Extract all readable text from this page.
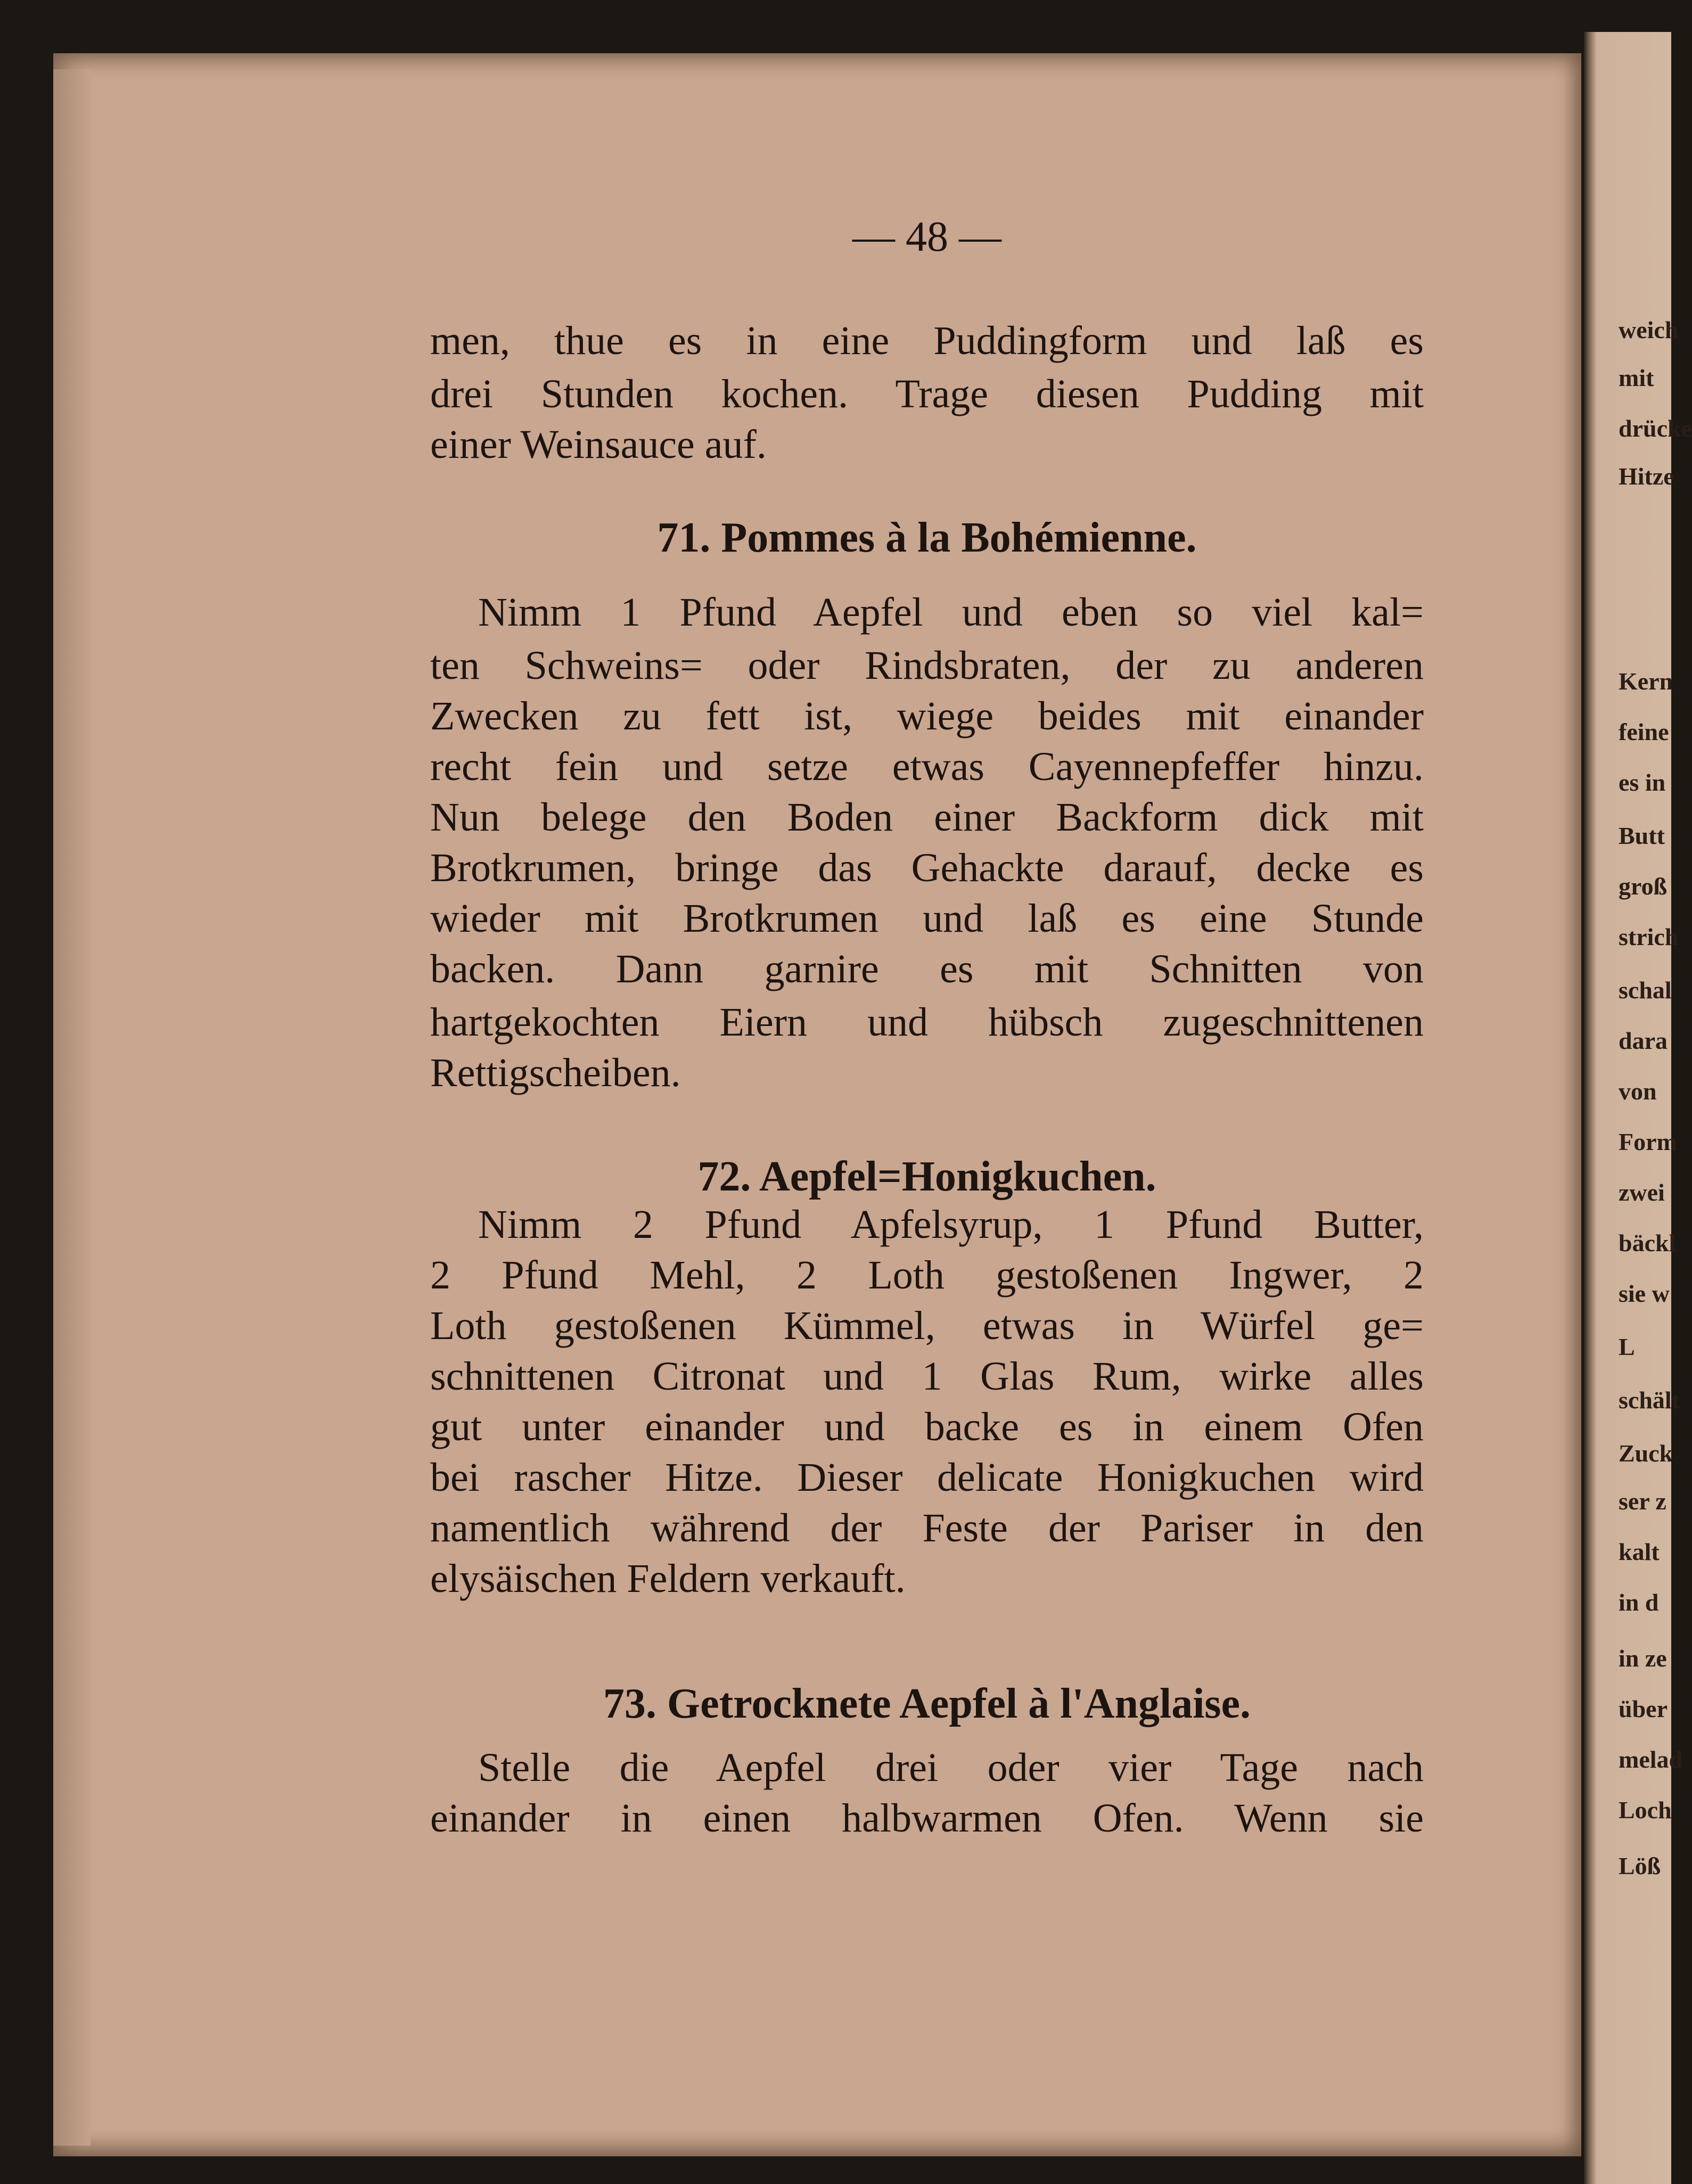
— 48 —
men, thue es in eine Puddingform und laß es
drei Stunden kochen. Trage diesen Pudding mit
einer Weinsauce auf.
71. Pommes à la Bohémienne.
Nimm 1 Pfund Aepfel und eben so viel kal=
ten Schweins= oder Rindsbraten, der zu anderen
Zwecken zu fett ist, wiege beides mit einander
recht fein und setze etwas Cayennepfeffer hinzu.
Nun belege den Boden einer Backform dick mit
Brotkrumen, bringe das Gehackte darauf, decke es
wieder mit Brotkrumen und laß es eine Stunde
backen. Dann garnire es mit Schnitten von
hartgekochten Eiern und hübsch zugeschnittenen
Rettigscheiben.
72. Aepfel=Honigkuchen.
Nimm 2 Pfund Apfelsyrup, 1 Pfund Butter,
2 Pfund Mehl, 2 Loth gestoßenen Ingwer, 2
Loth gestoßenen Kümmel, etwas in Würfel ge=
schnittenen Citronat und 1 Glas Rum, wirke alles
gut unter einander und backe es in einem Ofen
bei rascher Hitze. Dieser delicate Honigkuchen wird
namentlich während der Feste der Pariser in den
elysäischen Feldern verkauft.
73. Getrocknete Aepfel à l'Anglaise.
Stelle die Aepfel drei oder vier Tage nach
einander in einen halbwarmen Ofen. Wenn sie
weich
mit
drücke
Hitze
Kern
feine
es in
Butt
groß
strich
schal
dara
von
Form
zwei
bäckl
sie w
L
schält
Zuck
ser z
kalt
in d
in ze
über
melad
Loch
Löß
